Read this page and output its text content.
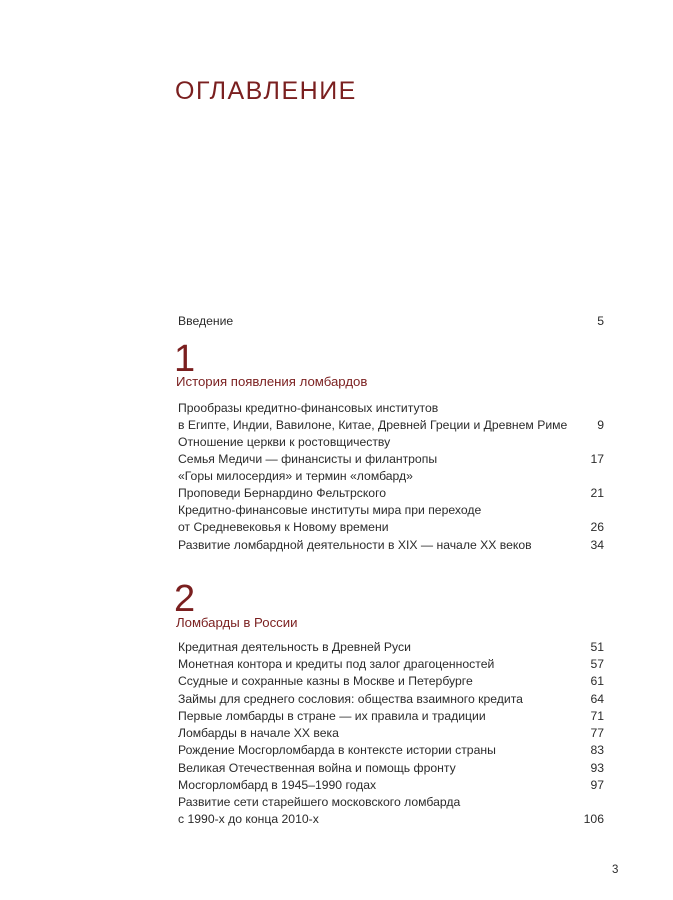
ОГЛАВЛЕНИЕ
Введение	5
1
История появления ломбардов
Прообразы кредитно-финансовых институтов
в Египте, Индии, Вавилоне, Китае, Древней Греции и Древнем Риме 9
Отношение церкви к ростовщичеству
Семья Медичи — финансисты и филантропы	17
«Горы милосердия» и термин «ломбард»
Проповеди Бернардино Фельтрского	21
Кредитно-финансовые институты мира при переходе
от Средневековья к Новому времени	26
Развитие ломбардной деятельности в XIX — начале XX веков	34
2
Ломбарды в России
Кредитная деятельность в Древней Руси	51
Монетная контора и кредиты под залог драгоценностей	57
Ссудные и сохранные казны в Москве и Петербурге	61
Займы для среднего сословия: общества взаимного кредита	64
Первые ломбарды в стране — их правила и традиции	71
Ломбарды в начале XX века	77
Рождение Мосгорломбарда в контексте истории страны	83
Великая Отечественная война и помощь фронту	93
Мосгорломбард в 1945–1990 годах	97
Развитие сети старейшего московского ломбарда
с 1990-х до конца 2010-х	106
3
